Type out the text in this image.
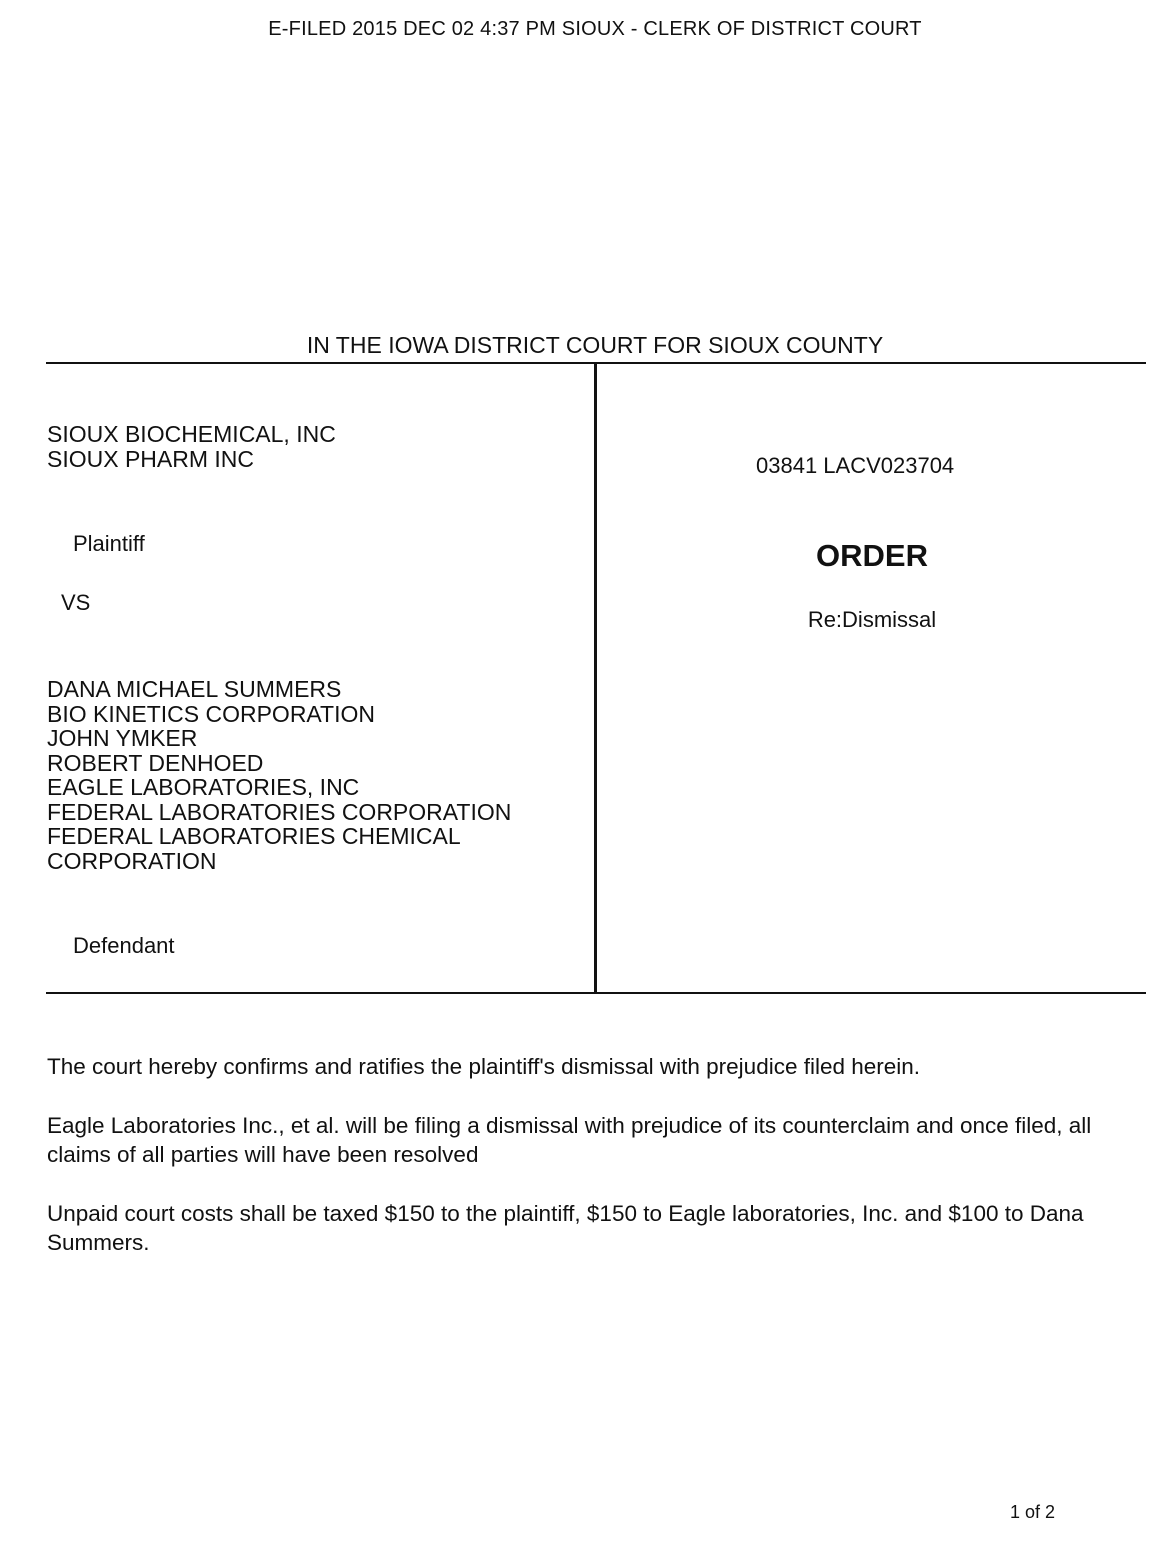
E-FILED 2015 DEC 02 4:37 PM SIOUX - CLERK OF DISTRICT COURT
IN THE IOWA DISTRICT COURT FOR SIOUX COUNTY
SIOUX BIOCHEMICAL, INC
SIOUX PHARM INC
Plaintiff
VS
DANA MICHAEL SUMMERS
BIO KINETICS CORPORATION
JOHN YMKER
ROBERT DENHOED
EAGLE LABORATORIES, INC
FEDERAL LABORATORIES CORPORATION
FEDERAL LABORATORIES CHEMICAL
CORPORATION
Defendant
03841 LACV023704
ORDER
Re:Dismissal

The court hereby confirms and ratifies the plaintiff's dismissal with prejudice filed herein.

Eagle Laboratories Inc., et al. will be filing a dismissal with prejudice of its counterclaim and once filed, all claims of all parties will have been resolved

Unpaid court costs shall be taxed $150 to the plaintiff, $150 to Eagle laboratories, Inc. and $100 to Dana Summers.

1 of 2
